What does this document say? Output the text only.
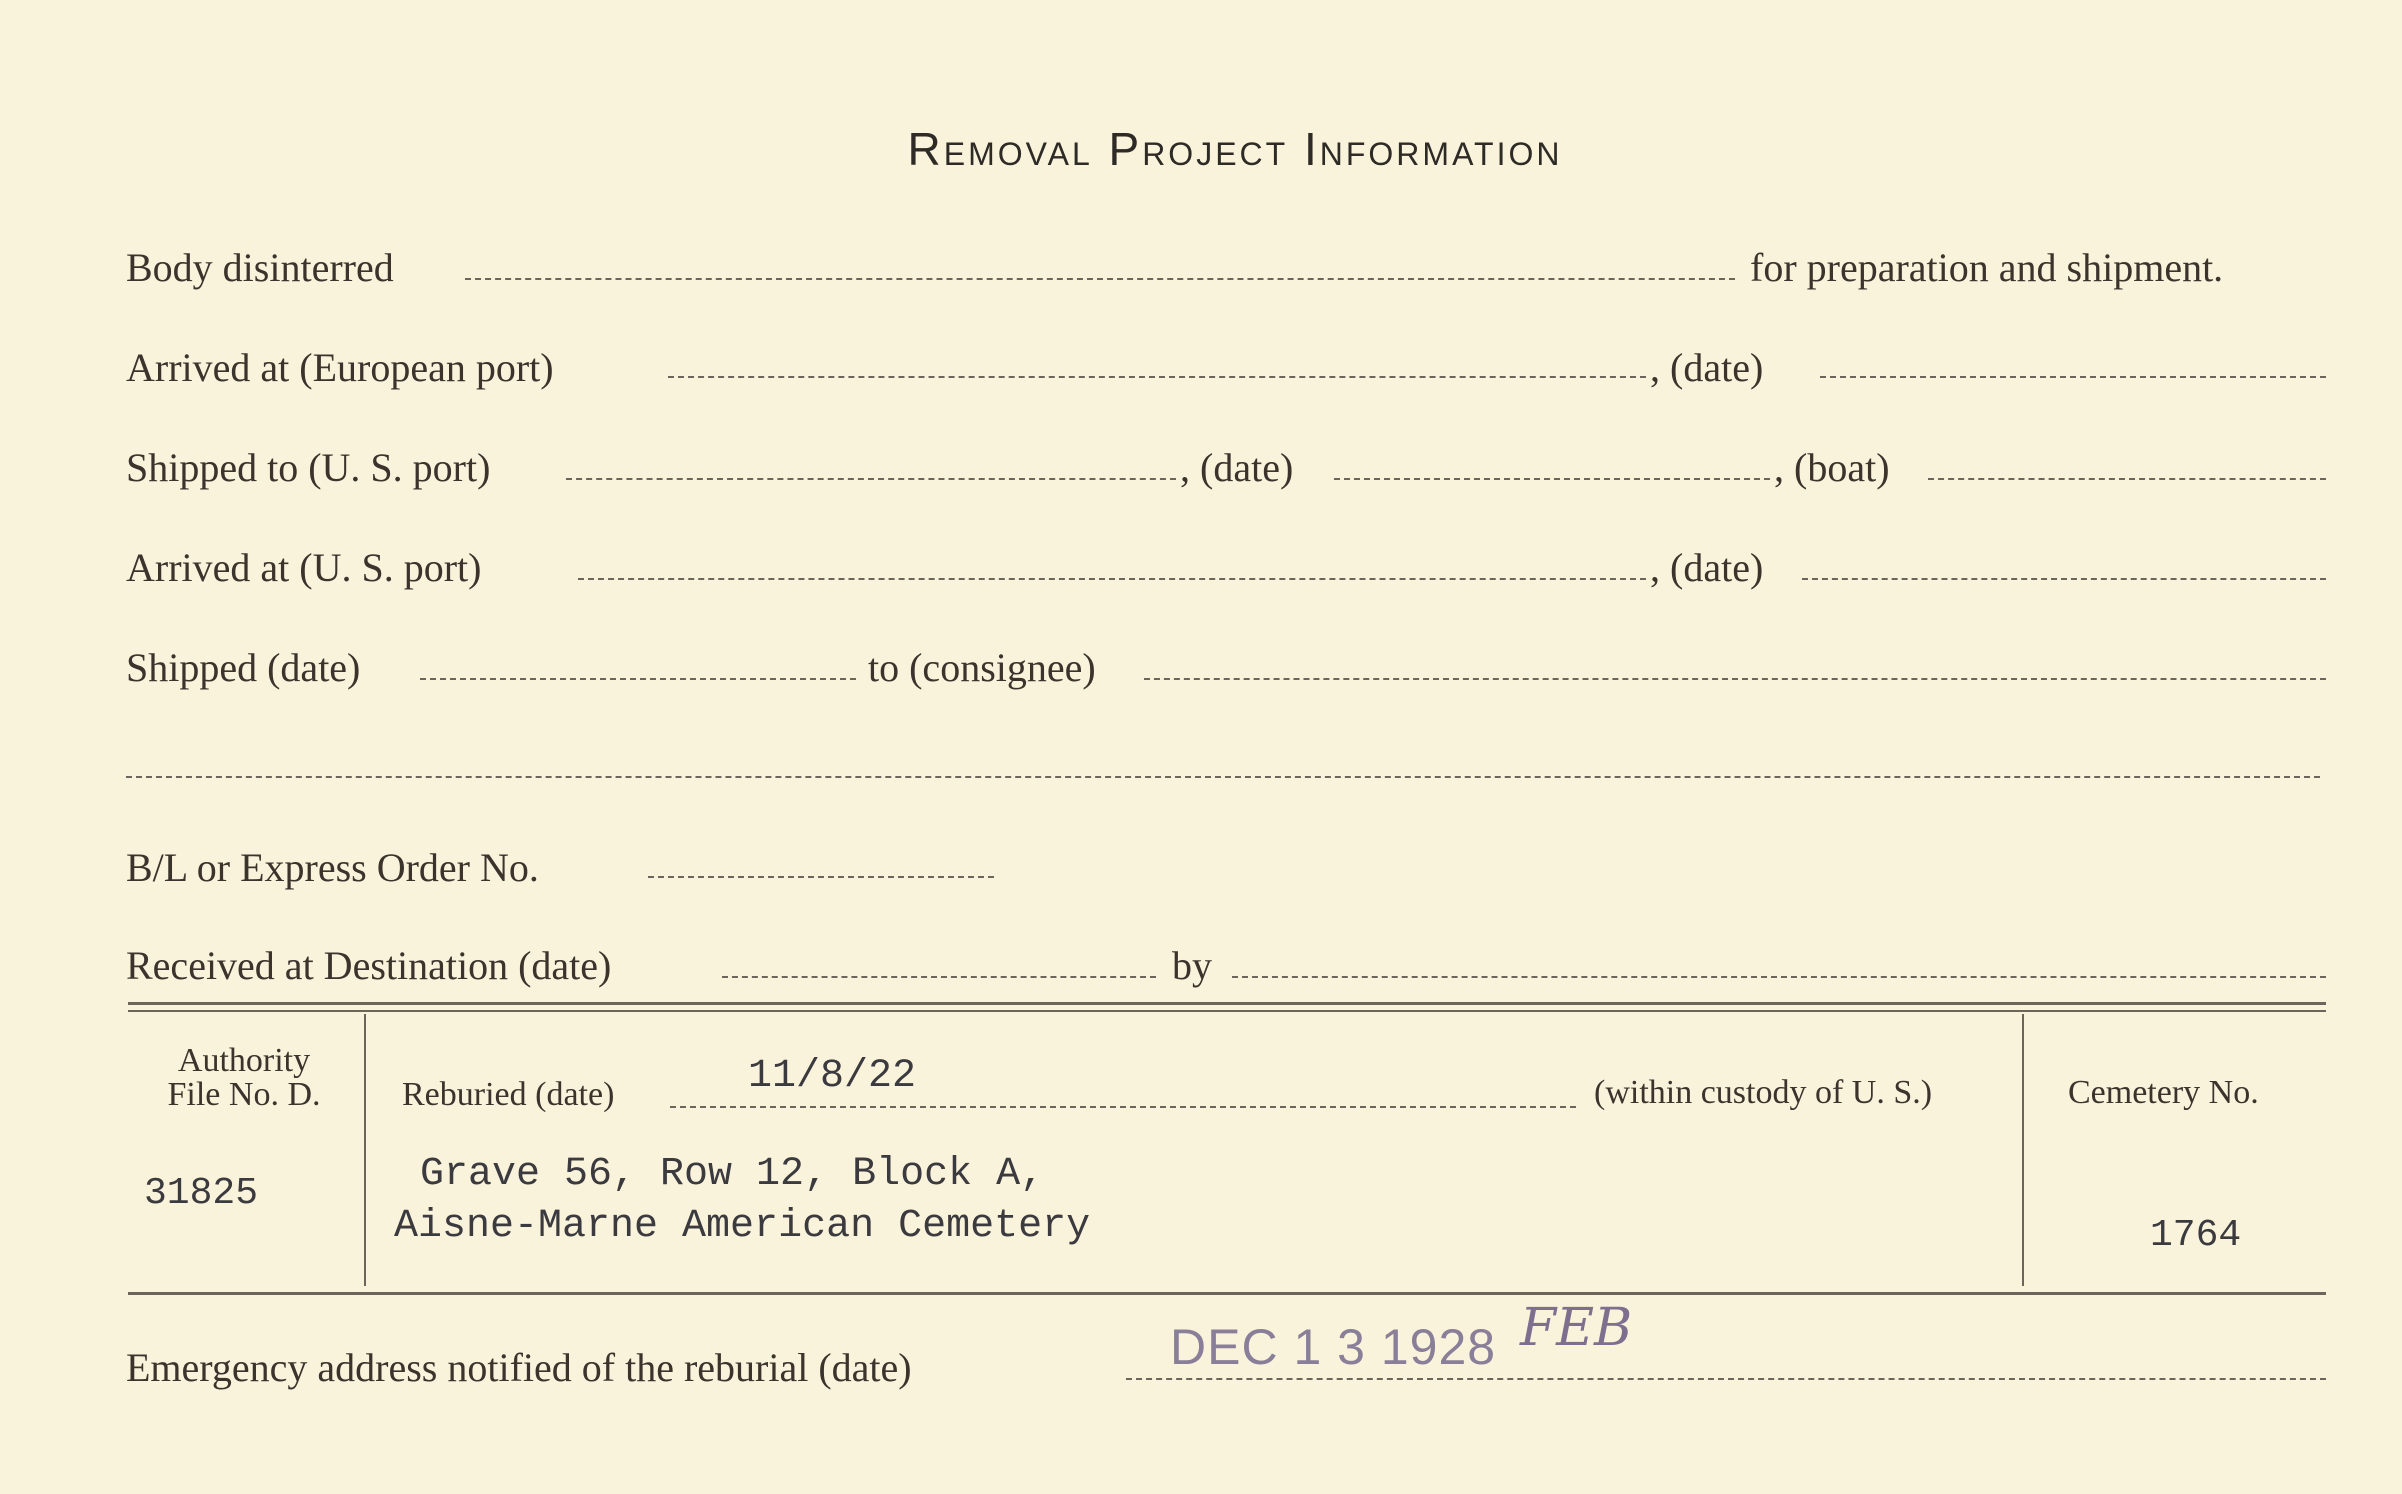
Removal Project Information
Body disinterred	for preparation and shipment.
Arrived at (European port)	, (date)
Shipped to (U. S. port)	, (date)	, (boat)
Arrived at (U. S. port)	, (date)
Shipped (date)	to (consignee)
B/L or Express Order No.
Received at Destination (date)	by
Authority
File No. D.
31825
Reburied (date)	11/8/22	(within custody of U. S.)
Grave 56, Row 12, Block A,
Aisne-Marne American Cemetery
Cemetery No.
1764
Emergency address notified of the reburial (date)	DEC 1 3 1928 FEB
